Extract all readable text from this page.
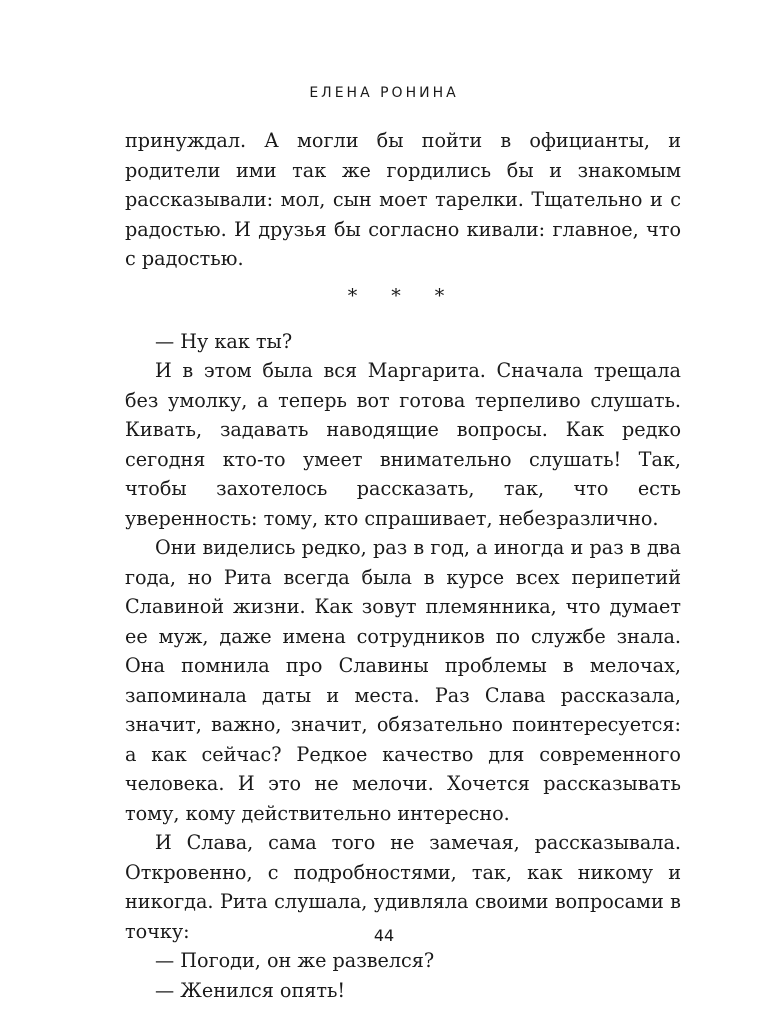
ЕЛЕНА РОНИНА

принуждал. А могли бы пойти в официанты, и родители ими так же гордились бы и знакомым рассказывали: мол, сын моет тарелки. Тщательно и с радостью. И друзья бы согласно кивали: главное, что с радостью.

* * *

— Ну как ты?

И в этом была вся Маргарита. Сначала трещала без умолку, а теперь вот готова терпеливо слушать. Кивать, задавать наводящие вопросы. Как редко сегодня кто-то умеет внимательно слушать! Так, чтобы захотелось рассказать, так, что есть уверенность: тому, кто спрашивает, небезразлично.

Они виделись редко, раз в год, а иногда и раз в два года, но Рита всегда была в курсе всех перипетий Славиной жизни. Как зовут племянника, что думает ее муж, даже имена сотрудников по службе знала. Она помнила про Славины проблемы в мелочах, запоминала даты и места. Раз Слава рассказала, значит, важно, значит, обязательно поинтересуется: а как сейчас? Редкое качество для современного человека. И это не мелочи. Хочется рассказывать тому, кому действительно интересно.

И Слава, сама того не замечая, рассказывала. Откровенно, с подробностями, так, как никому и никогда. Рита слушала, удивляла своими вопросами в точку:

— Погоди, он же развелся?

— Женился опять!

44
